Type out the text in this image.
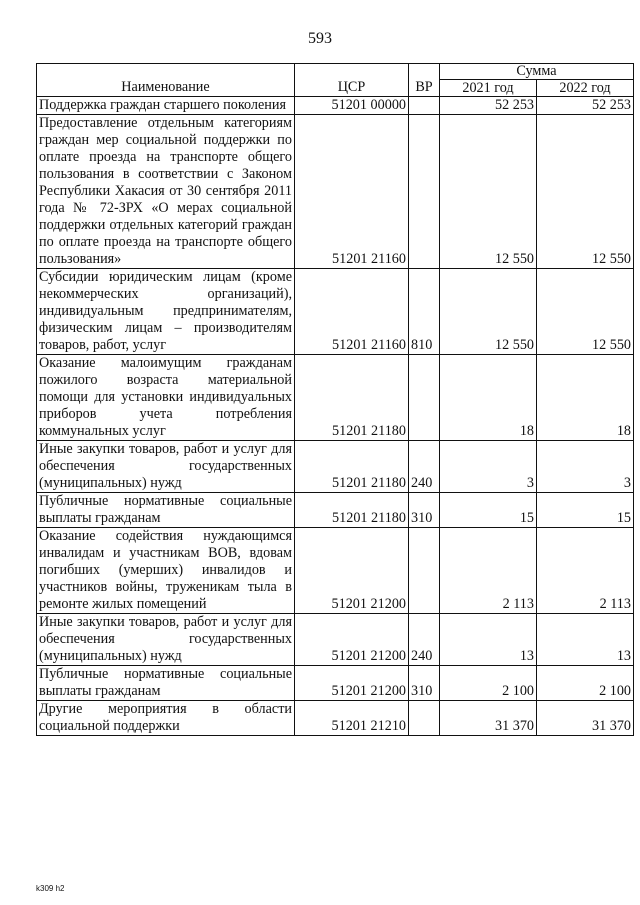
593
Наименование	ЦСР	ВР	Сумма	
			2021 год	2022 год
Поддержка граждан старшего поколения	51201 00000		52 253	52 253
Предоставление отдельным категориям граждан мер социальной поддержки по оплате проезда на транспорте общего пользования в соответствии с Законом Республики Хакасия от 30 сентября 2011 года № 72-ЗРХ «О мерах социальной поддержки отдельных категорий граждан по оплате проезда на транспорте общего пользования»	51201 21160		12 550	12 550
Субсидии юридическим лицам (кроме некоммерческих организаций), индивидуальным предпринимателям, физическим лицам – производителям товаров, работ, услуг	51201 21160	810	12 550	12 550
Оказание малоимущим гражданам пожилого возраста материальной помощи для установки индивидуальных приборов учета потребления коммунальных услуг	51201 21180		18	18
Иные закупки товаров, работ и услуг для обеспечения государственных (муниципальных) нужд	51201 21180	240	3	3
Публичные нормативные социальные выплаты гражданам	51201 21180	310	15	15
Оказание содействия нуждающимся инвалидам и участникам ВОВ, вдовам погибших (умерших) инвалидов и участников войны, труженикам тыла в ремонте жилых помещений	51201 21200		2 113	2 113
Иные закупки товаров, работ и услуг для обеспечения государственных (муниципальных) нужд	51201 21200	240	13	13
Публичные нормативные социальные выплаты гражданам	51201 21200	310	2 100	2 100
Другие мероприятия в области социальной поддержки	51201 21210		31 370	31 370
k309 h2
